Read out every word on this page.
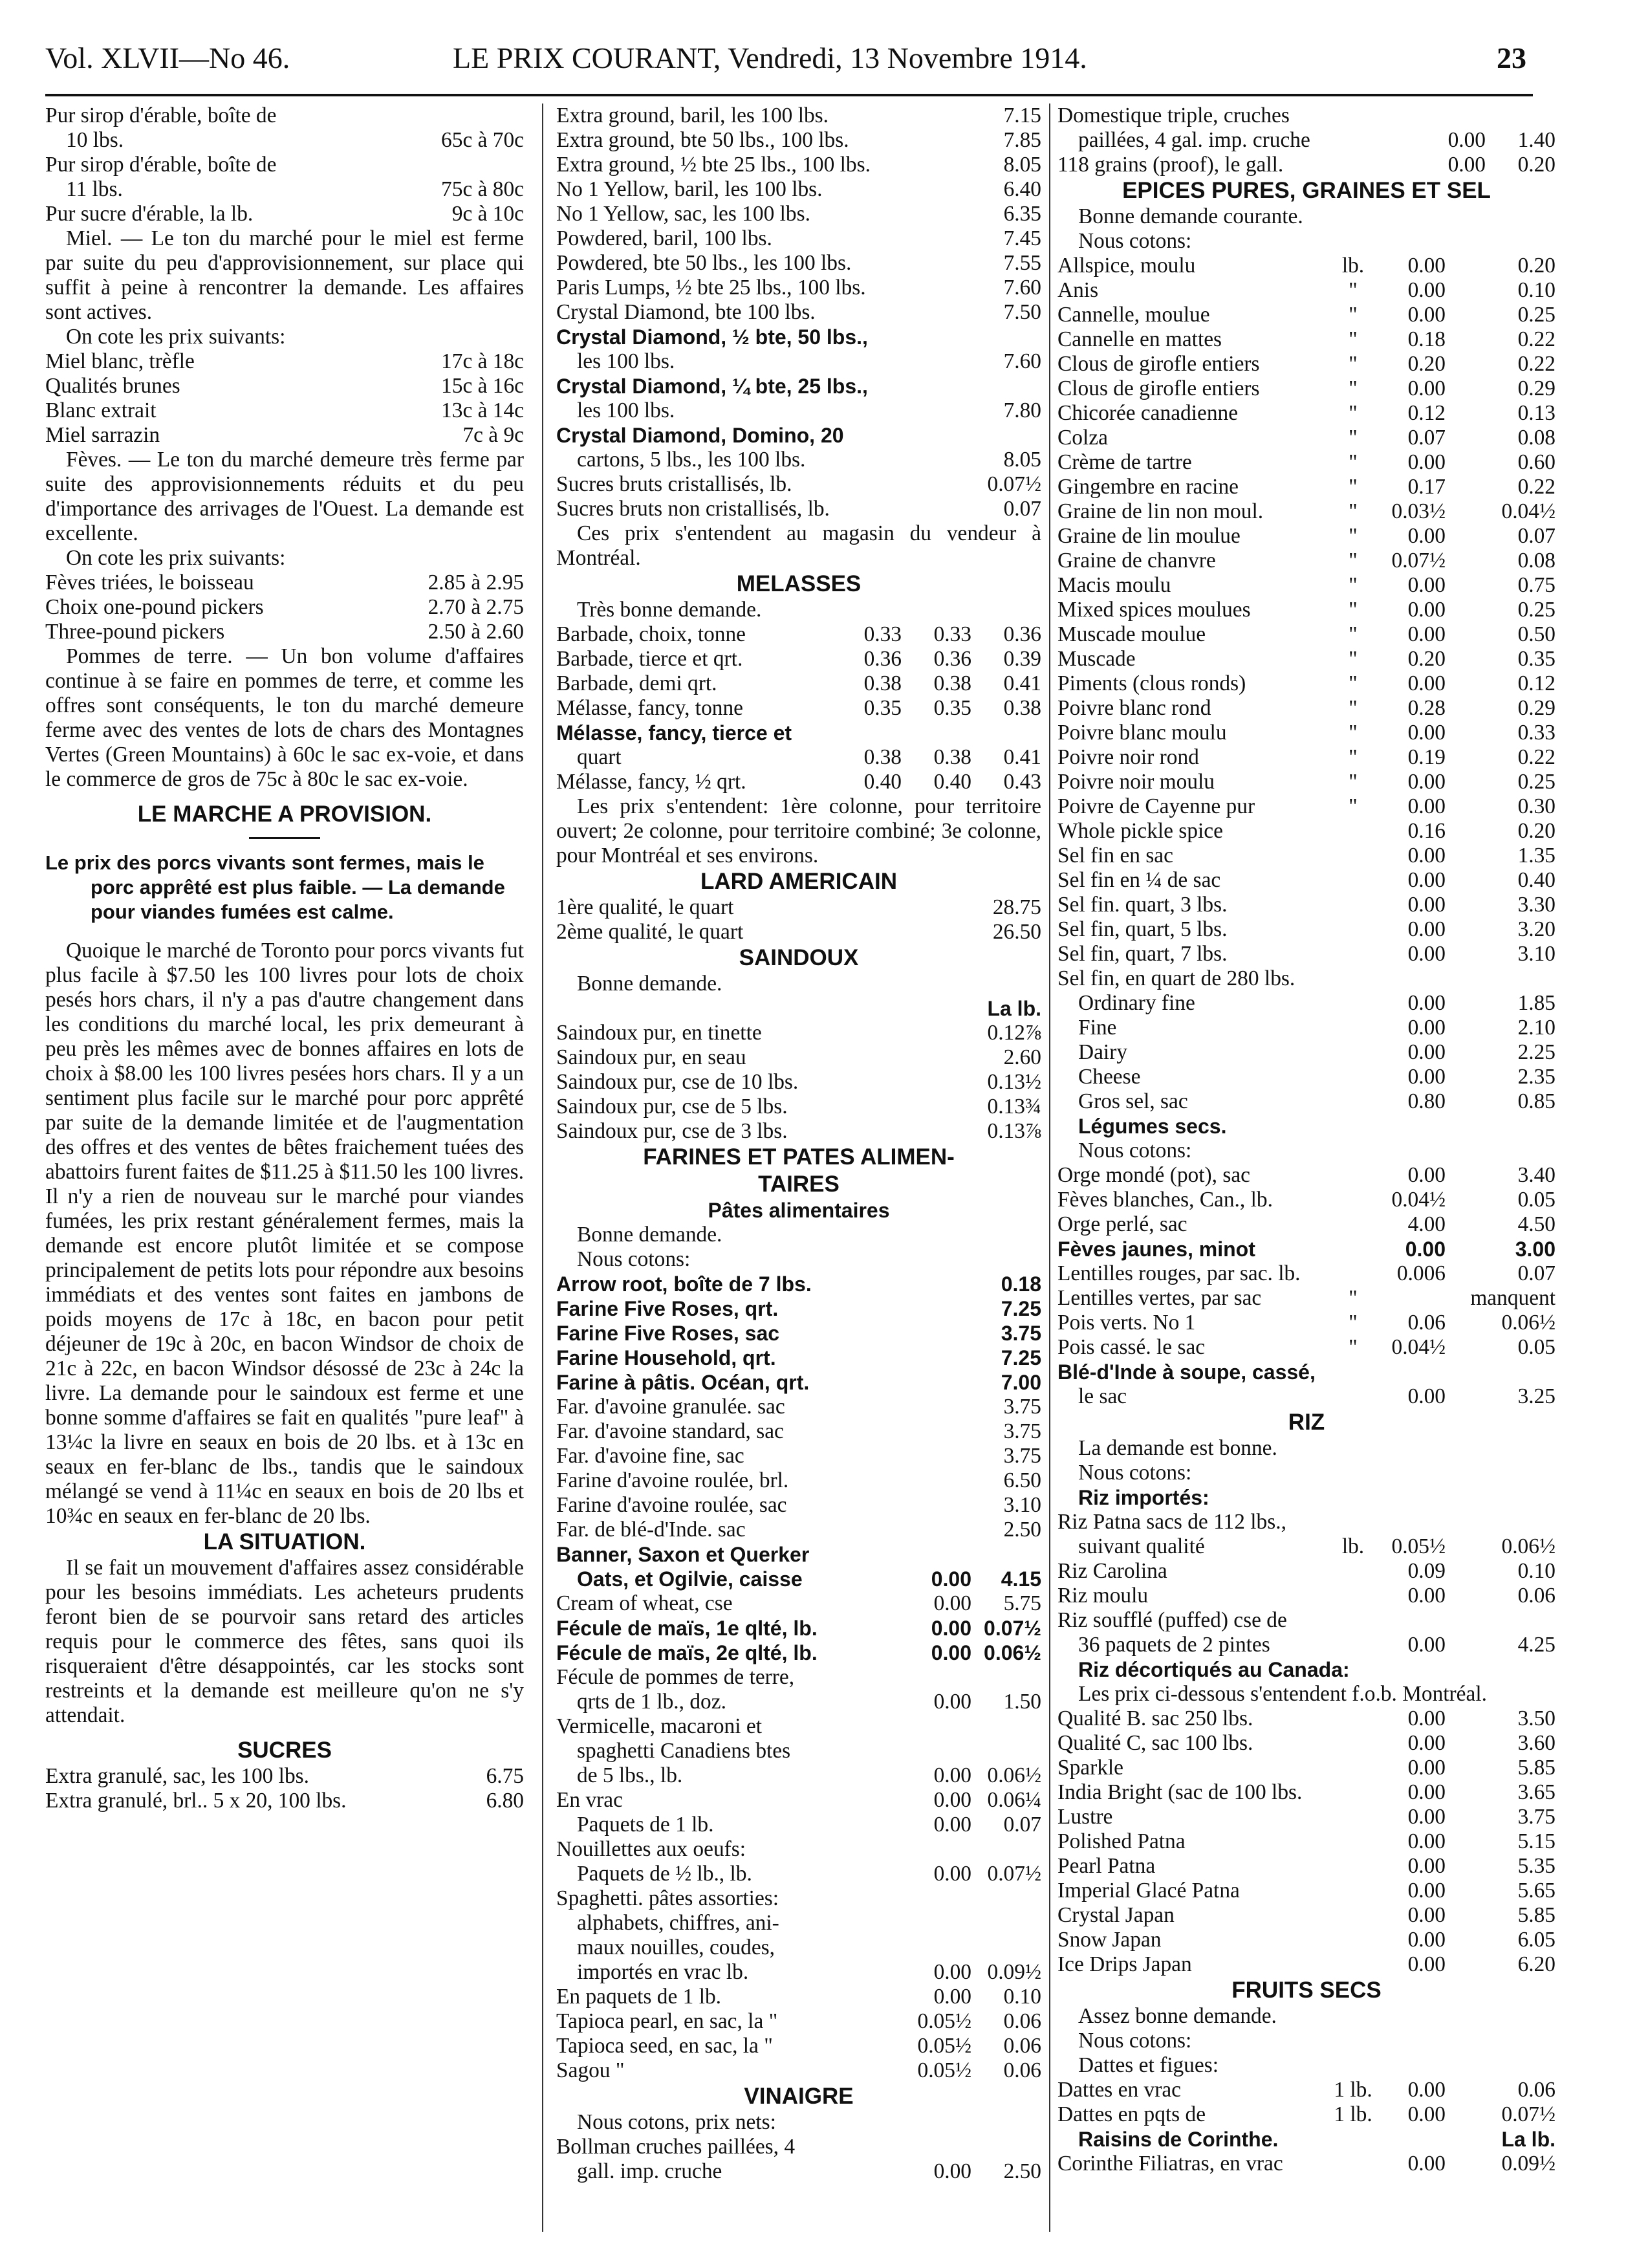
Vol. XLVII—No 46.	LE PRIX COURANT, Vendredi, 13 Novembre 1914.	23
Pur sirop d'érable, boîte de
10 lbs.	65c à 70c
Pur sirop d'érable, boîte de
11 lbs.	75c à 80c
Pur sucre d'érable, la lb.	9c à 10c
Miel. — Le ton du marché pour le miel est ferme par suite du peu d'approvisionnement, sur place qui suffit à peine à rencontrer la demande. Les affaires sont actives.
On cote les prix suivants:
Miel blanc, trèfle	17c à 18c
Qualités brunes	15c à 16c
Blanc extrait	13c à 14c
Miel sarrazin	7c à 9c
Fèves. — Le ton du marché demeure très ferme par suite des approvisionnements réduits et du peu d'importance des arrivages de l'Ouest. La demande est excellente.
On cote les prix suivants:
Fèves triées, le boisseau	2.85 à 2.95
Choix one-pound pickers	2.70 à 2.75
Three-pound pickers	2.50 à 2.60
Pommes de terre. — Un bon volume d'affaires continue à se faire en pommes de terre, et comme les offres sont conséquents, le ton du marché demeure ferme avec des ventes de lots de chars des Montagnes Vertes (Green Mountains) à 60c le sac ex-voie, et dans le commerce de gros de 75c à 80c le sac ex-voie.
LE MARCHE A PROVISION.

Le prix des porcs vivants sont fermes, mais le porc apprêté est plus faible. — La demande pour viandes fumées est calme.

Quoique le marché de Toronto pour porcs vivants fut plus facile à $7.50 les 100 livres pour lots de choix pesés hors chars, il n'y a pas d'autre changement dans les conditions du marché local, les prix demeurant à peu près les mêmes avec de bonnes affaires en lots de choix à $8.00 les 100 livres pesées hors chars. Il y a un sentiment plus facile sur le marché pour porc apprêté par suite de la demande limitée et de l'augmentation des offres et des ventes de bêtes fraichement tuées des abattoirs furent faites de $11.25 à $11.50 les 100 livres. Il n'y a rien de nouveau sur le marché pour viandes fumées, les prix restant généralement fermes, mais la demande est encore plutôt limitée et se compose principalement de petits lots pour répondre aux besoins immédiats et des ventes sont faites en jambons de poids moyens de 17c à 18c, en bacon pour petit déjeuner de 19c à 20c, en bacon Windsor de choix de 21c à 22c, en bacon Windsor désossé de 23c à 24c la livre. La demande pour le saindoux est ferme et une bonne somme d'affaires se fait en qualités "pure leaf" à 13¼c la livre en seaux en bois de 20 lbs. et à 13c en seaux en fer-blanc de lbs., tandis que le saindoux mélangé se vend à 11¼c en seaux en bois de 20 lbs et 10¾c en seaux en fer-blanc de 20 lbs.
LA SITUATION.
Il se fait un mouvement d'affaires assez considérable pour les besoins immédiats. Les acheteurs prudents feront bien de se pourvoir sans retard des articles requis pour le commerce des fêtes, sans quoi ils risqueraient d'être désappointés, car les stocks sont restreints et la demande est meilleure qu'on ne s'y attendait.
SUCRES
Extra granulé, sac, les 100 lbs.	6.75
Extra granulé, brl.. 5 x 20, 100 lbs.	6.80
Extra ground, baril, les 100 lbs.	7.15
Extra ground, bte 50 lbs., 100 lbs.	7.85
Extra ground, ½ bte 25 lbs., 100 lbs.	8.05
No 1 Yellow, baril, les 100 lbs.	6.40
No 1 Yellow, sac, les 100 lbs.	6.35
Powdered, baril, 100 lbs.	7.45
Powdered, bte 50 lbs., les 100 lbs.	7.55
Paris Lumps, ½ bte 25 lbs., 100 lbs.	7.60
Crystal Diamond, bte 100 lbs.	7.50
Crystal Diamond, ½ bte, 50 lbs.,
les 100 lbs.	7.60
Crystal Diamond, ¼ bte, 25 lbs.,
les 100 lbs.	7.80
Crystal Diamond, Domino, 20
cartons, 5 lbs., les 100 lbs.	8.05
Sucres bruts cristallisés, lb.	0.07½
Sucres bruts non cristallisés, lb.	0.07
Ces prix s'entendent au magasin du vendeur à Montréal.
MELASSES
Très bonne demande.
Barbade, choix, tonne	0.33	0.33	0.36
Barbade, tierce et qrt.	0.36	0.36	0.39
Barbade, demi qrt.	0.38	0.38	0.41
Mélasse, fancy, tonne	0.35	0.35	0.38
Mélasse, fancy, tierce et
quart	0.38	0.38	0.41
Mélasse, fancy, ½ qrt.	0.40	0.40	0.43
Les prix s'entendent: 1ère colonne, pour territoire ouvert; 2e colonne, pour territoire combiné; 3e colonne, pour Montréal et ses environs.
LARD AMERICAIN
1ère qualité, le quart	28.75
2ème qualité, le quart	26.50
SAINDOUX
Bonne demande.
La lb.
Saindoux pur, en tinette	0.12⅞
Saindoux pur, en seau	2.60
Saindoux pur, cse de 10 lbs.	0.13½
Saindoux pur, cse de 5 lbs.	0.13¾
Saindoux pur, cse de 3 lbs.	0.13⅞
FARINES ET PATES ALIMEN-
TAIRES
Pâtes alimentaires
Bonne demande.
Nous cotons:
Arrow root, boîte de 7 lbs.	0.18
Farine Five Roses, qrt.	7.25
Farine Five Roses, sac	3.75
Farine Household, qrt.	7.25
Farine à pâtis. Océan, qrt.	7.00
Far. d'avoine granulée. sac	3.75
Far. d'avoine standard, sac	3.75
Far. d'avoine fine, sac	3.75
Farine d'avoine roulée, brl.	6.50
Farine d'avoine roulée, sac	3.10
Far. de blé-d'Inde. sac	2.50
Banner, Saxon et Querker
Oats, et Ogilvie, caisse	0.00	4.15
Cream of wheat, cse	0.00	5.75
Fécule de maïs, 1e qlté, lb.	0.00 0.07½
Fécule de maïs, 2e qlté, lb.	0.00 0.06½
Fécule de pommes de terre,
qrts de 1 lb., doz.	0.00	1.50
Vermicelle, macaroni et
spaghetti Canadiens btes
de 5 lbs., lb.	0.00 0.06½
En vrac	0.00 0.06¼
Paquets de 1 lb.	0.00	0.07
Nouillettes aux oeufs:
Paquets de ½ lb., lb.	0.00 0.07½
Spaghetti. pâtes assorties:
alphabets, chiffres, ani-
maux nouilles, coudes,
importés en vrac lb.	0.00 0.09½
En paquets de 1 lb.	0.00	0.10
Tapioca pearl, en sac, la "	0.05½	0.06
Tapioca seed, en sac, la "	0.05½	0.06
Sagou "	0.05½	0.06
VINAIGRE
Nous cotons, prix nets:
Bollman cruches paillées, 4
gall. imp. cruche	0.00	2.50
Domestique triple, cruches
paillées, 4 gal. imp. cruche	0.00	1.40
118 grains (proof), le gall.	0.00	0.20
EPICES PURES, GRAINES ET SEL
Bonne demande courante.
Nous cotons:
Allspice, moulu	lb.	0.00	0.20
Anis	"	0.00	0.10
Cannelle, moulue	"	0.00	0.25
Cannelle en mattes	"	0.18	0.22
Clous de girofle entiers	"	0.20	0.22
Clous de girofle entiers	"	0.00	0.29
Chicorée canadienne	"	0.12	0.13
Colza	"	0.07	0.08
Crème de tartre	"	0.00	0.60
Gingembre en racine	"	0.17	0.22
Graine de lin non moul.	"	0.03½	0.04½
Graine de lin moulue	"	0.00	0.07
Graine de chanvre	"	0.07½	0.08
Macis moulu	"	0.00	0.75
Mixed spices moulues	"	0.00	0.25
Muscade moulue	"	0.00	0.50
Muscade	"	0.20	0.35
Piments (clous ronds)	"	0.00	0.12
Poivre blanc rond	"	0.28	0.29
Poivre blanc moulu	"	0.00	0.33
Poivre noir rond	"	0.19	0.22
Poivre noir moulu	"	0.00	0.25
Poivre de Cayenne pur	"	0.00	0.30
Whole pickle spice	0.16	0.20
Sel fin en sac	0.00	1.35
Sel fin en ¼ de sac	0.00	0.40
Sel fin. quart, 3 lbs.	0.00	3.30
Sel fin, quart, 5 lbs.	0.00	3.20
Sel fin, quart, 7 lbs.	0.00	3.10
Sel fin, en quart de 280 lbs.
Ordinary fine	0.00	1.85
Fine	0.00	2.10
Dairy	0.00	2.25
Cheese	0.00	2.35
Gros sel, sac	0.80	0.85
Légumes secs.
Nous cotons:
Orge mondé (pot), sac	0.00	3.40
Fèves blanches, Can., lb.	0.04½	0.05
Orge perlé, sac	4.00	4.50
Fèves jaunes, minot	0.00	3.00
Lentilles rouges, par sac. lb.	0.006	0.07
Lentilles vertes, par sac	"	manquent
Pois verts. No 1	"	0.06	0.06½
Pois cassé. le sac	"	0.04½	0.05
Blé-d'Inde à soupe, cassé,
le sac	0.00	3.25
RIZ
La demande est bonne.
Nous cotons:
Riz importés:
Riz Patna sacs de 112 lbs.,
suivant qualité	lb.	0.05½	0.06½
Riz Carolina	0.09	0.10
Riz moulu	0.00	0.06
Riz soufflé (puffed) cse de
36 paquets de 2 pintes	0.00	4.25
Riz décortiqués au Canada:
Les prix ci-dessous s'entendent f.o.b. Montréal.
Qualité B. sac 250 lbs.	0.00	3.50
Qualité C, sac 100 lbs.	0.00	3.60
Sparkle	0.00	5.85
India Bright (sac de 100 lbs.	0.00	3.65
Lustre	0.00	3.75
Polished Patna	0.00	5.15
Pearl Patna	0.00	5.35
Imperial Glacé Patna	0.00	5.65
Crystal Japan	0.00	5.85
Snow Japan	0.00	6.05
Ice Drips Japan	0.00	6.20
FRUITS SECS
Assez bonne demande.
Nous cotons:
Dattes et figues:
Dattes en vrac	1 lb.	0.00	0.06
Dattes en pqts de	1 lb.	0.00	0.07½
Raisins de Corinthe.	La lb.
Corinthe Filiatras, en vrac	0.00	0.09½
